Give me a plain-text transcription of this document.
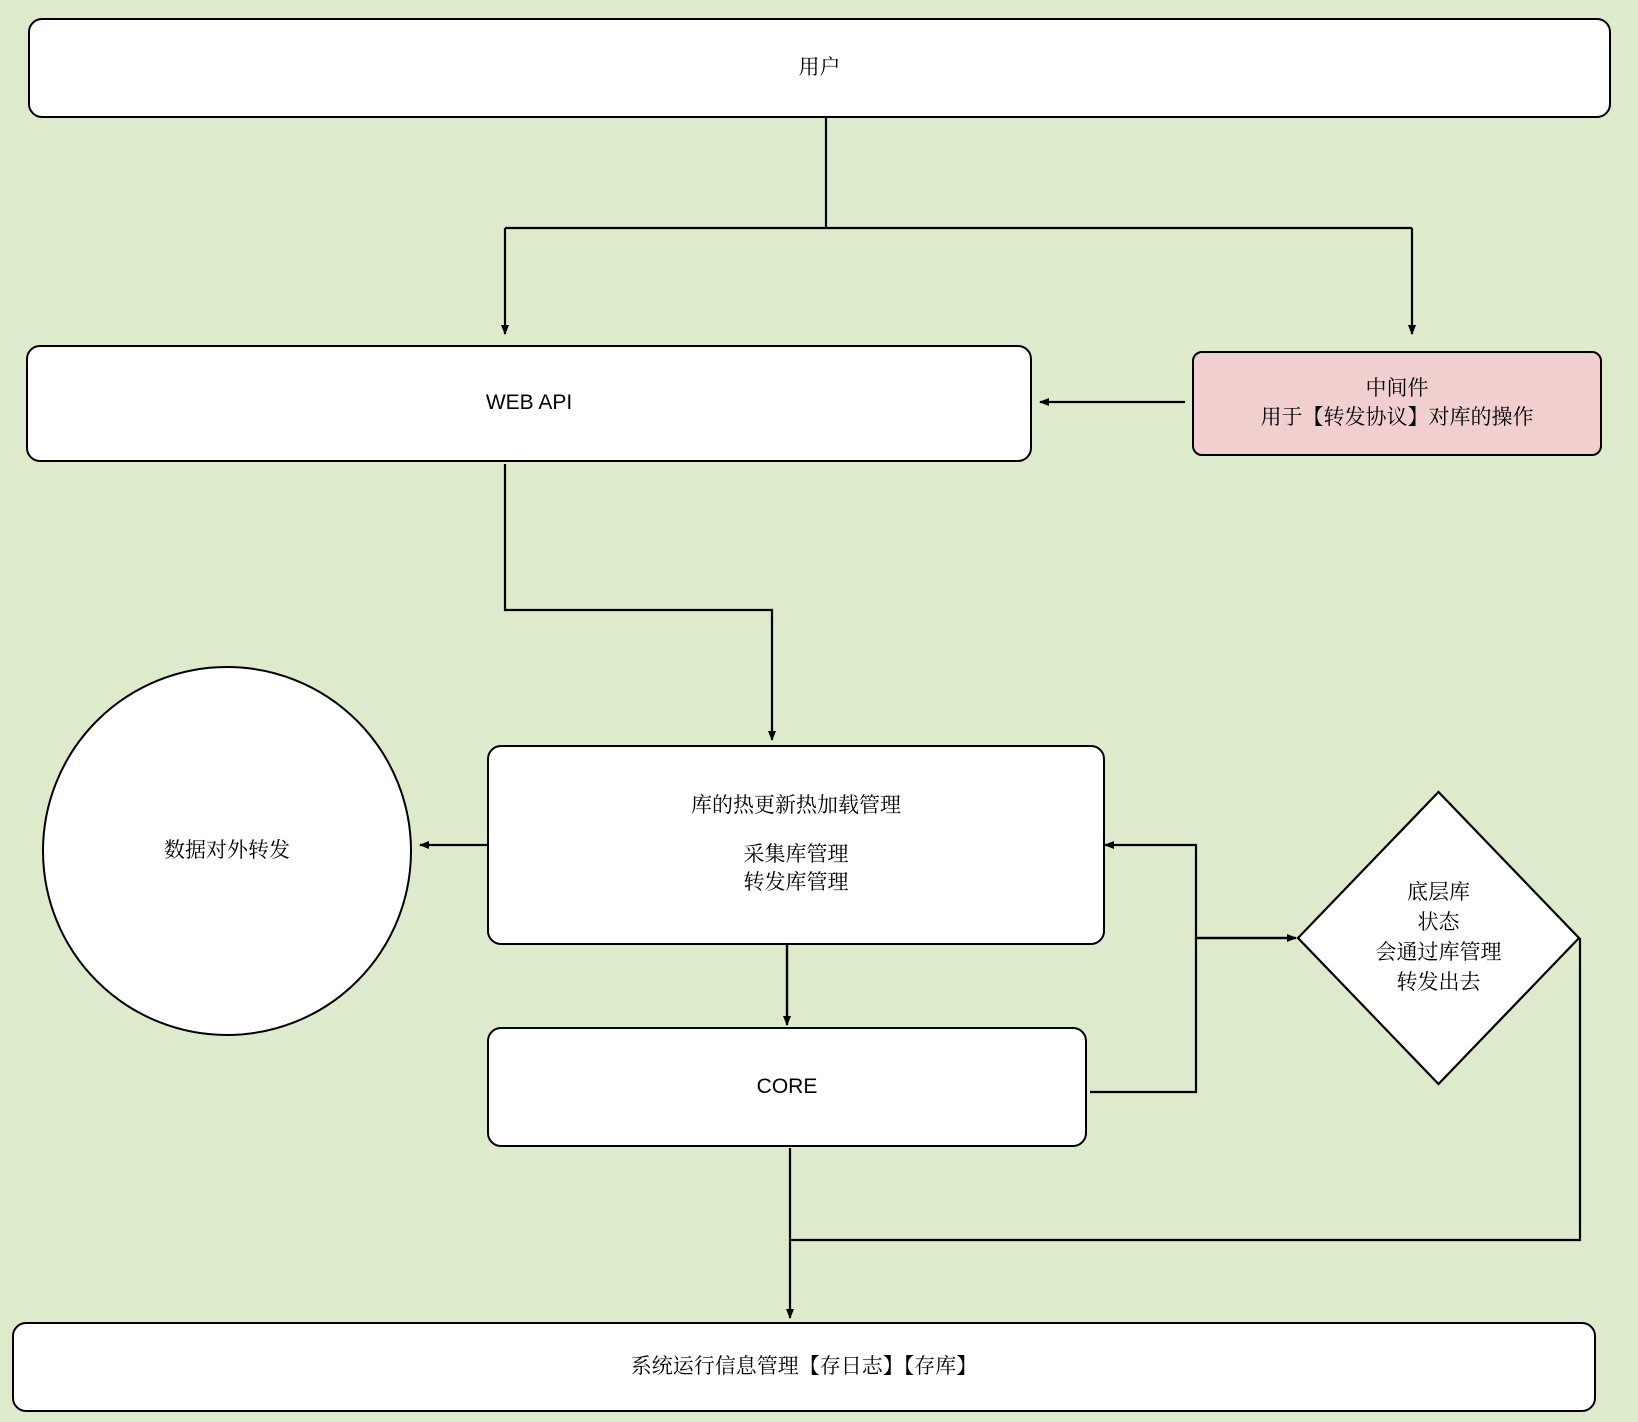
用户
WEB API
中间件
用于【转发协议】对库的操作
数据对外转发
库的热更新热加载管理
采集库管理
转发库管理
CORE
底层库
状态
会通过库管理
转发出去
系统运行信息管理【存日志】【存库】
